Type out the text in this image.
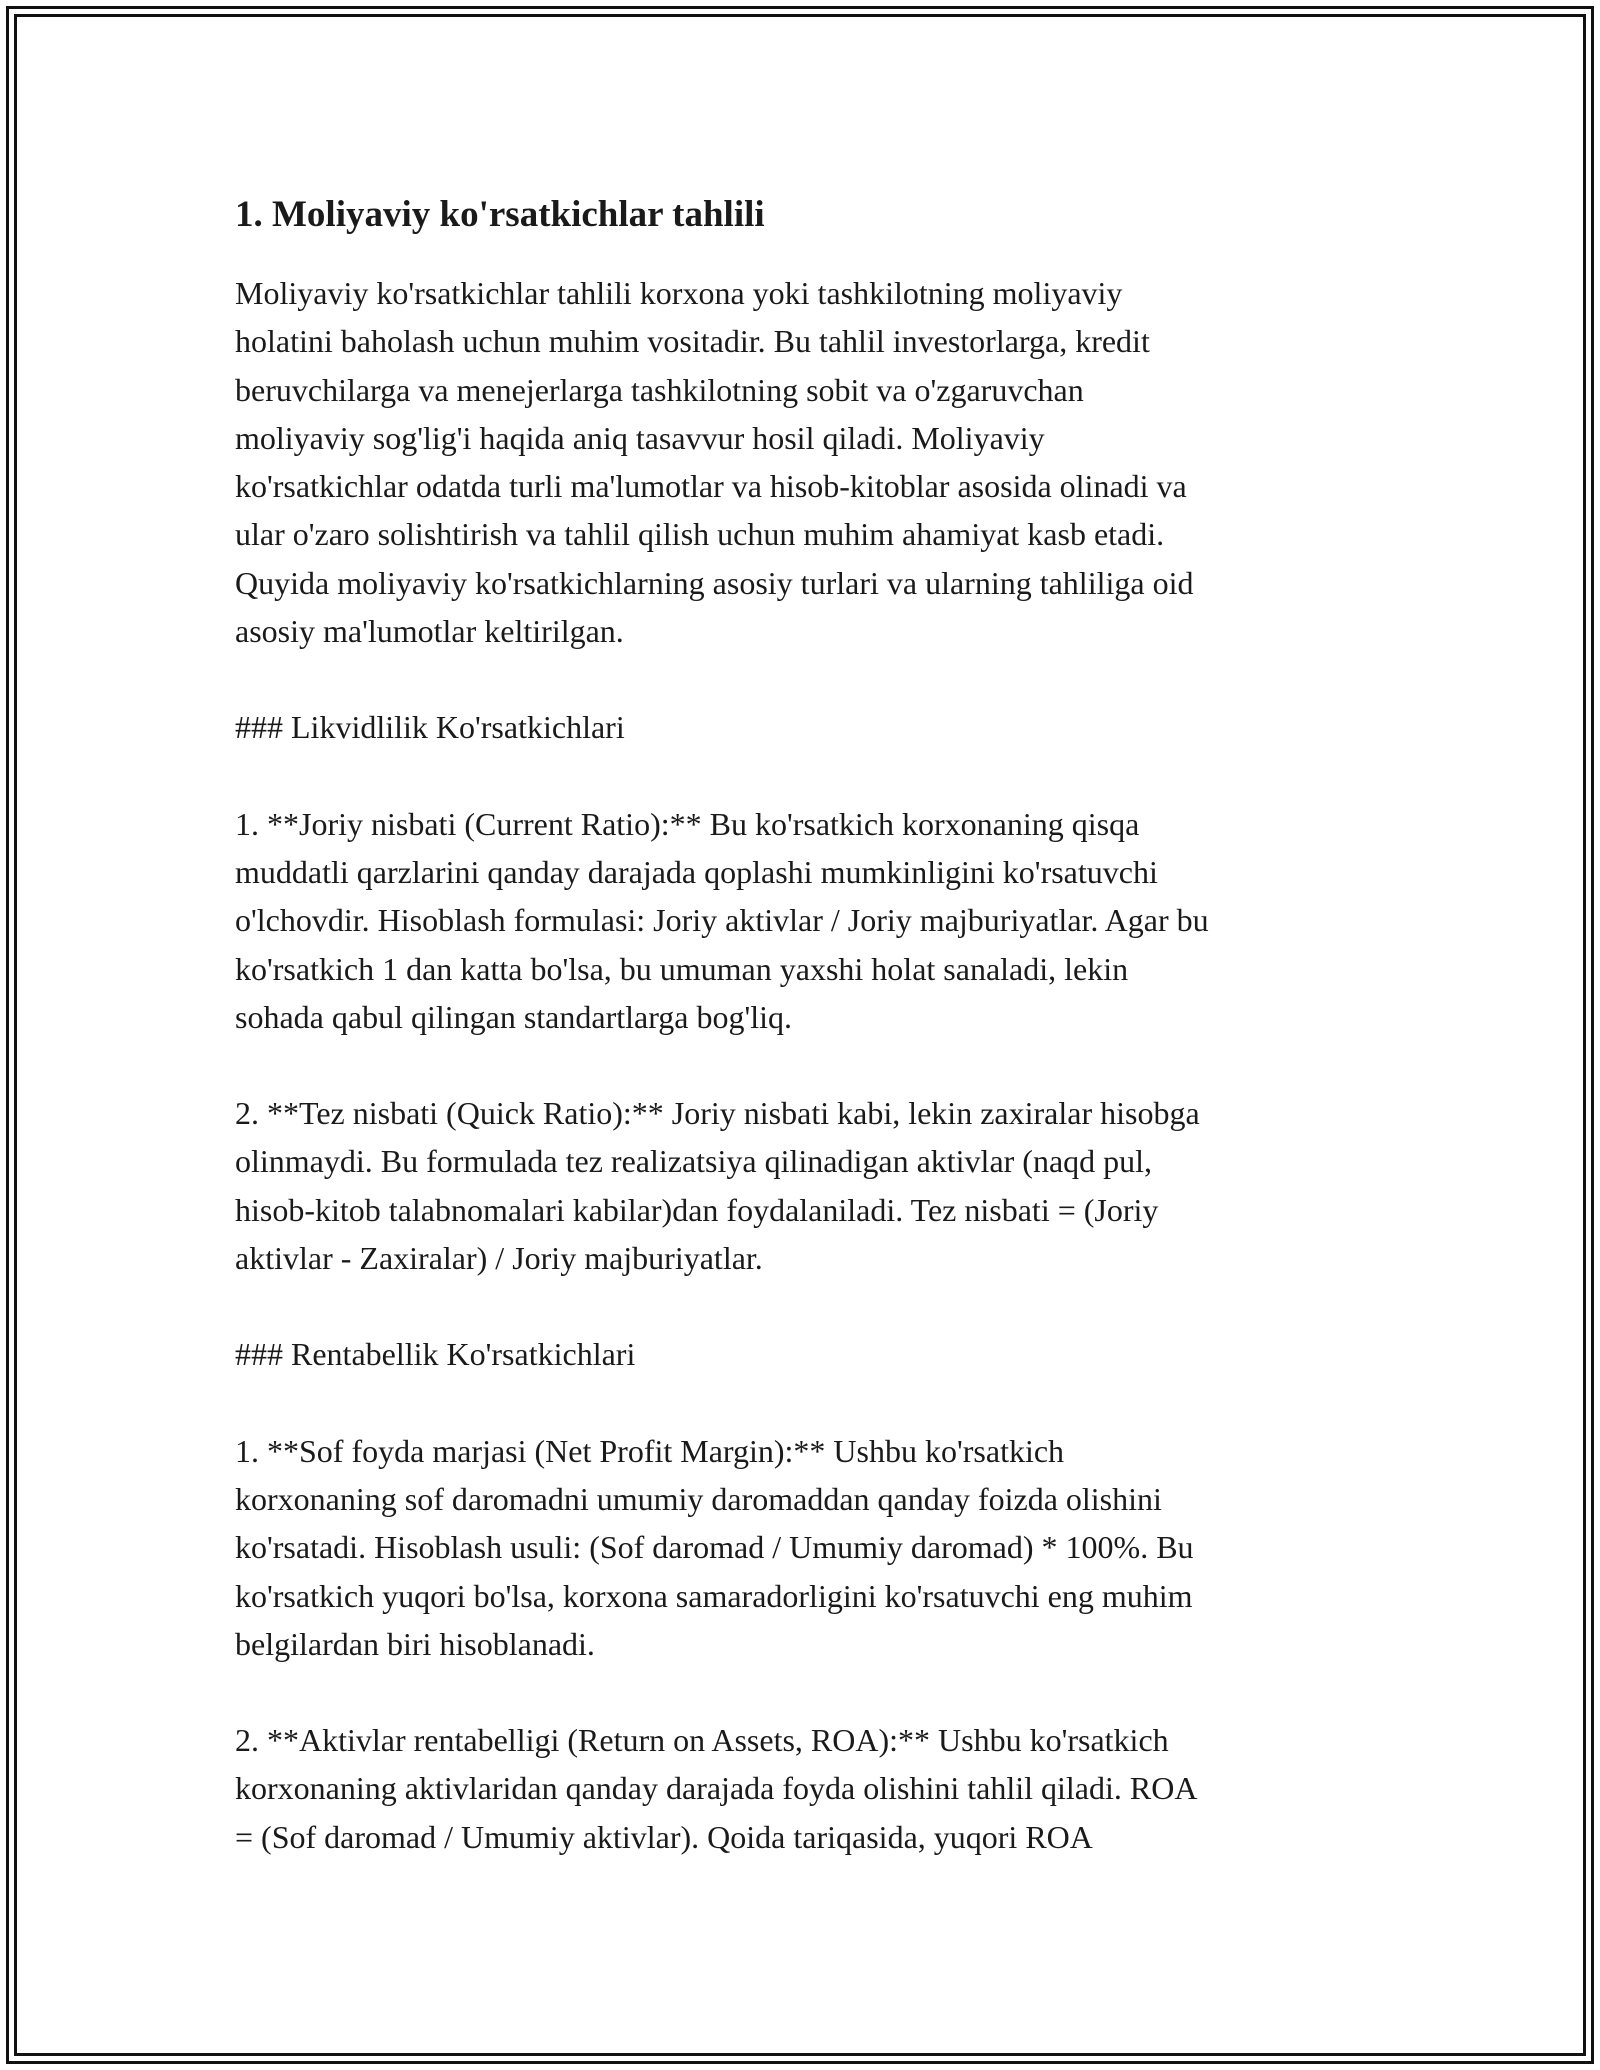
1. Moliyaviy ko'rsatkichlar tahlili

Moliyaviy ko'rsatkichlar tahlili korxona yoki tashkilotning moliyaviy
holatini baholash uchun muhim vositadir. Bu tahlil investorlarga, kredit
beruvchilarga va menejerlarga tashkilotning sobit va o'zgaruvchan
moliyaviy sog'lig'i haqida aniq tasavvur hosil qiladi. Moliyaviy
ko'rsatkichlar odatda turli ma'lumotlar va hisob-kitoblar asosida olinadi va
ular o'zaro solishtirish va tahlil qilish uchun muhim ahamiyat kasb etadi.
Quyida moliyaviy ko'rsatkichlarning asosiy turlari va ularning tahliliga oid
asosiy ma'lumotlar keltirilgan.

### Likvidlilik Ko'rsatkichlari

1. **Joriy nisbati (Current Ratio):** Bu ko'rsatkich korxonaning qisqa
muddatli qarzlarini qanday darajada qoplashi mumkinligini ko'rsatuvchi
o'lchovdir. Hisoblash formulasi: Joriy aktivlar / Joriy majburiyatlar. Agar bu
ko'rsatkich 1 dan katta bo'lsa, bu umuman yaxshi holat sanaladi, lekin
sohada qabul qilingan standartlarga bog'liq.

2. **Tez nisbati (Quick Ratio):** Joriy nisbati kabi, lekin zaxiralar hisobga
olinmaydi. Bu formulada tez realizatsiya qilinadigan aktivlar (naqd pul,
hisob-kitob talabnomalari kabilar)dan foydalaniladi. Tez nisbati = (Joriy
aktivlar - Zaxiralar) / Joriy majburiyatlar.

### Rentabellik Ko'rsatkichlari

1. **Sof foyda marjasi (Net Profit Margin):** Ushbu ko'rsatkich
korxonaning sof daromadni umumiy daromaddan qanday foizda olishini
ko'rsatadi. Hisoblash usuli: (Sof daromad / Umumiy daromad) * 100%. Bu
ko'rsatkich yuqori bo'lsa, korxona samaradorligini ko'rsatuvchi eng muhim
belgilardan biri hisoblanadi.

2. **Aktivlar rentabelligi (Return on Assets, ROA):** Ushbu ko'rsatkich
korxonaning aktivlaridan qanday darajada foyda olishini tahlil qiladi. ROA
= (Sof daromad / Umumiy aktivlar). Qoida tariqasida, yuqori ROA
